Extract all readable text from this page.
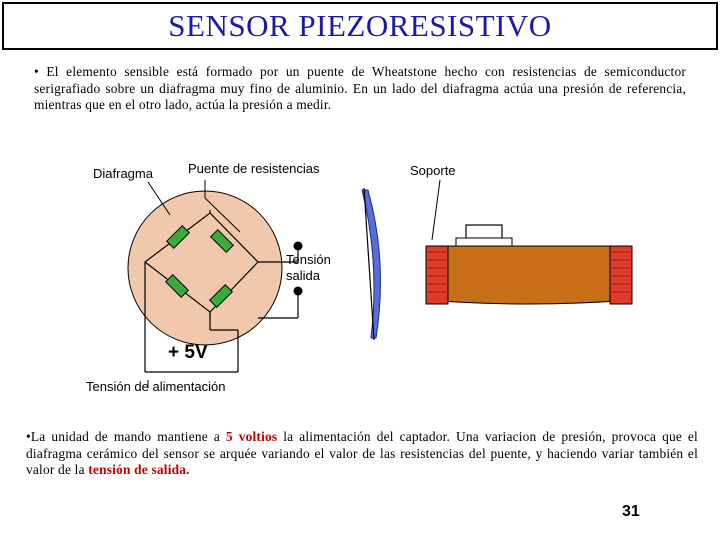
SENSOR PIEZORESISTIVO
• El elemento sensible está formado por un puente de Wheatstone hecho con resistencias de semiconductor serigrafiado sobre un diafragma muy fino de aluminio. En un lado del diafragma actúa una presión de referencia, mientras que en el otro lado, actúa la presión a medir.
Diafragma	Puente de resistencias	Soporte
Tensión
salida
+ 5V
Tensión de alimentación
•La unidad de mando mantiene a 5 voltios la alimentación del captador. Una variacion de presión, provoca que el diafragma cerámico del sensor se arquée variando el valor de las resistencias del puente, y haciendo variar también el valor de la tensión de salida.
31
